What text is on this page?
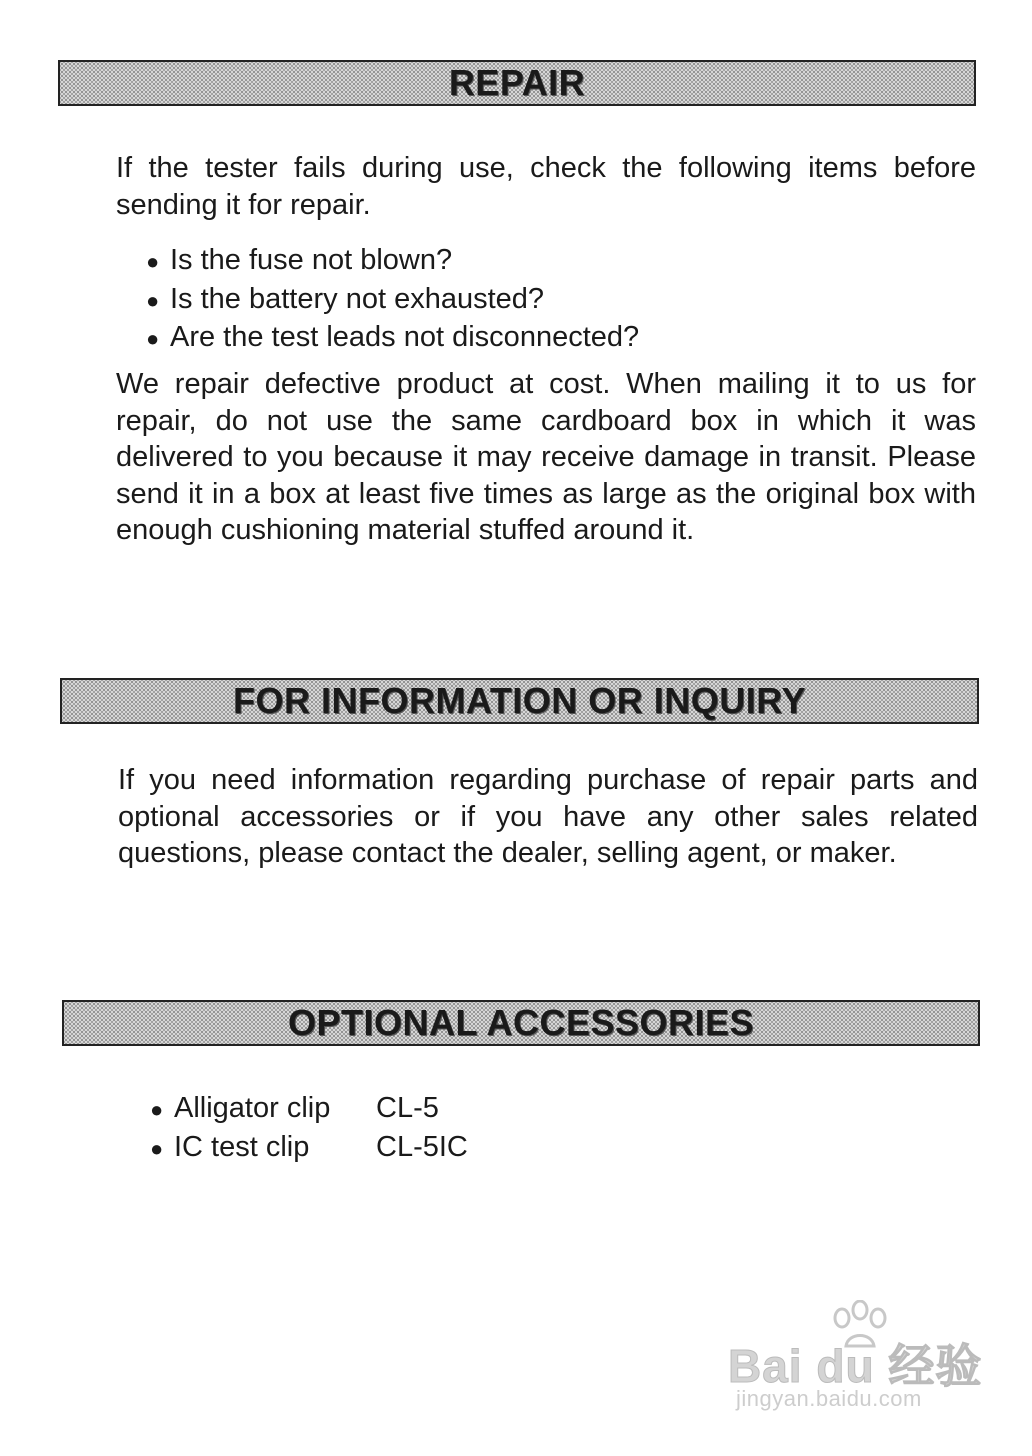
REPAIR

If the tester fails during use, check the following items before sending it for repair.

● Is the fuse not blown?
● Is the battery not exhausted?
● Are the test leads not disconnected?

We repair defective product at cost. When mailing it to us for repair, do not use the same cardboard box in which it was delivered to you because it may receive damage in transit. Please send it in a box at least five times as large as the original box with enough cushioning material stuffed around it.

FOR INFORMATION OR INQUIRY

If you need information regarding purchase of repair parts and optional accessories or if you have any other sales related questions, please contact the dealer, selling agent, or maker.

OPTIONAL ACCESSORIES
● Alligator clip	CL-5
● IC test clip	CL-5IC
Bai du 经验
jingyan.baidu.com
